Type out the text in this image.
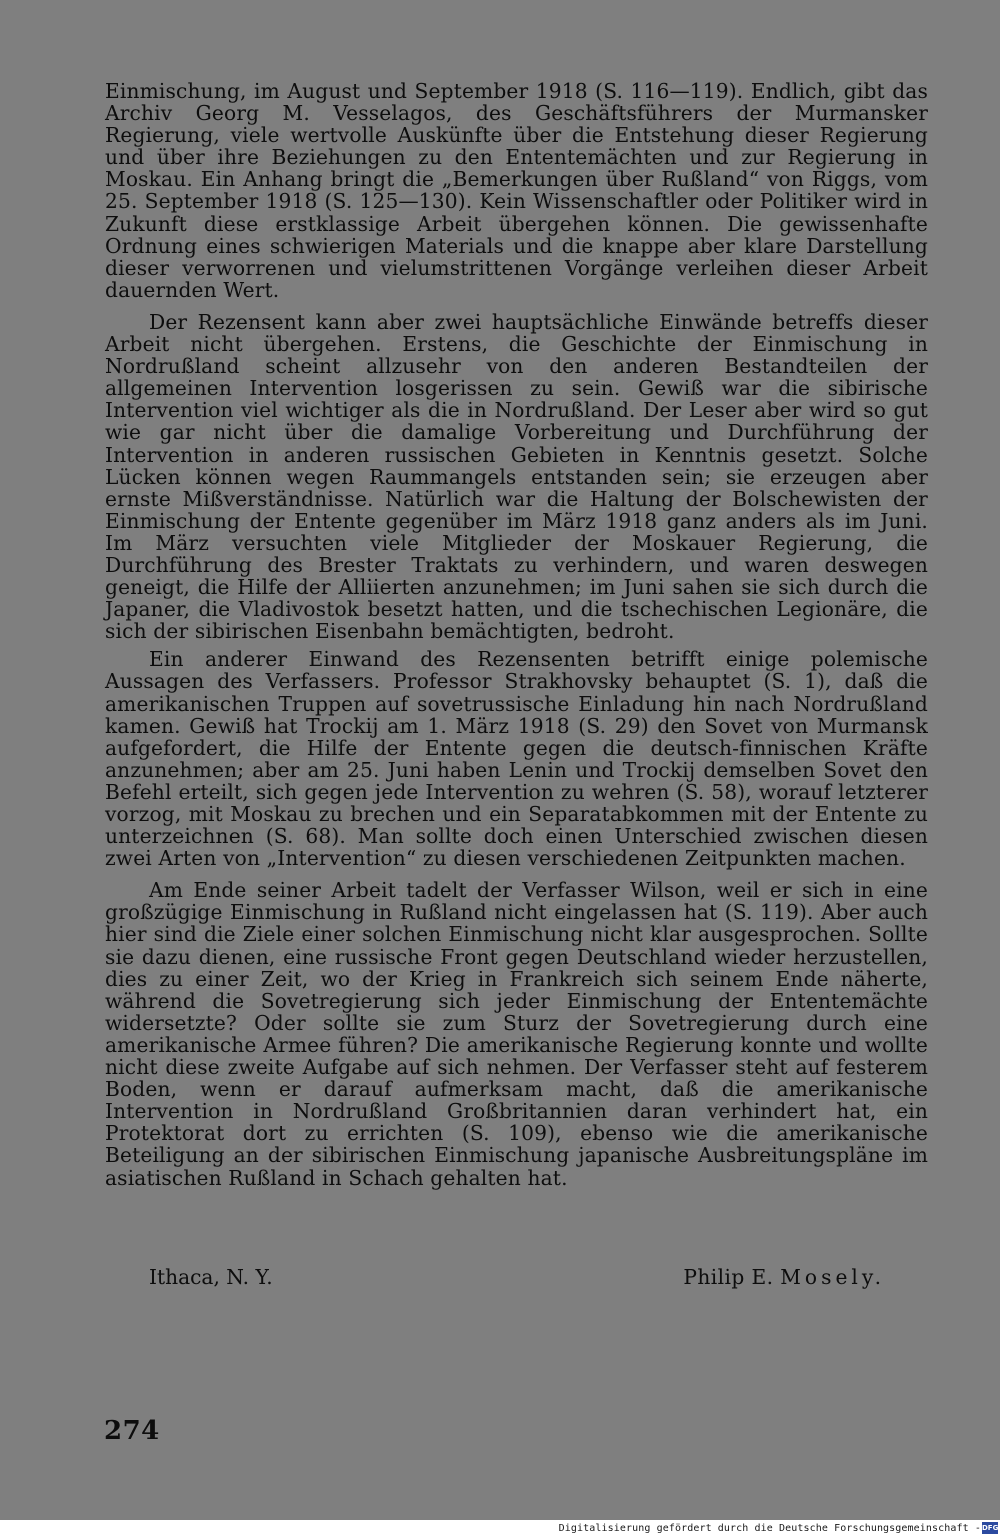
Einmischung, im August und September 1918 (S. 116—119). Endlich, gibt das Archiv Georg M. Vesselagos, des Geschäftsführers der Murmansker Regierung, viele wertvolle Auskünfte über die Entstehung dieser Regierung und über ihre Beziehungen zu den Ententemächten und zur Regierung in Moskau. Ein Anhang bringt die „Bemerkungen über Rußland“ von Riggs, vom 25. September 1918 (S. 125—130). Kein Wissenschaftler oder Politiker wird in Zukunft diese erstklassige Arbeit übergehen können. Die gewissenhafte Ordnung eines schwierigen Materials und die knappe aber klare Darstellung dieser verworrenen und vielumstrittenen Vorgänge verleihen dieser Arbeit dauernden Wert.

Der Rezensent kann aber zwei hauptsächliche Einwände betreffs dieser Arbeit nicht übergehen. Erstens, die Geschichte der Einmischung in Nordrußland scheint allzusehr von den anderen Bestandteilen der allgemeinen Intervention losgerissen zu sein. Gewiß war die sibirische Intervention viel wichtiger als die in Nordrußland. Der Leser aber wird so gut wie gar nicht über die damalige Vorbereitung und Durchführung der Intervention in anderen russischen Gebieten in Kenntnis gesetzt. Solche Lücken können wegen Raummangels entstanden sein; sie erzeugen aber ernste Mißverständnisse. Natürlich war die Haltung der Bolschewisten der Einmischung der Entente gegenüber im März 1918 ganz anders als im Juni. Im März versuchten viele Mitglieder der Moskauer Regierung, die Durchführung des Brester Traktats zu verhindern, und waren deswegen geneigt, die Hilfe der Alliierten anzunehmen; im Juni sahen sie sich durch die Japaner, die Vladivostok besetzt hatten, und die tschechischen Legionäre, die sich der sibirischen Eisenbahn bemächtigten, bedroht.

Ein anderer Einwand des Rezensenten betrifft einige polemische Aussagen des Verfassers. Professor Strakhovsky behauptet (S. 1), daß die amerikanischen Truppen auf sovetrussische Einladung hin nach Nordrußland kamen. Gewiß hat Trockij am 1. März 1918 (S. 29) den Sovet von Murmansk aufgefordert, die Hilfe der Entente gegen die deutsch-finnischen Kräfte anzunehmen; aber am 25. Juni haben Lenin und Trockij demselben Sovet den Befehl erteilt, sich gegen jede Intervention zu wehren (S. 58), worauf letzterer vorzog, mit Moskau zu brechen und ein Separatabkommen mit der Entente zu unterzeichnen (S. 68). Man sollte doch einen Unterschied zwischen diesen zwei Arten von „Intervention“ zu diesen verschiedenen Zeitpunkten machen.

Am Ende seiner Arbeit tadelt der Verfasser Wilson, weil er sich in eine großzügige Einmischung in Rußland nicht eingelassen hat (S. 119). Aber auch hier sind die Ziele einer solchen Einmischung nicht klar ausgesprochen. Sollte sie dazu dienen, eine russische Front gegen Deutschland wieder herzustellen, dies zu einer Zeit, wo der Krieg in Frankreich sich seinem Ende näherte, während die Sovetregierung sich jeder Einmischung der Ententemächte widersetzte? Oder sollte sie zum Sturz der Sovetregierung durch eine amerikanische Armee führen? Die amerikanische Regierung konnte und wollte nicht diese zweite Aufgabe auf sich nehmen. Der Verfasser steht auf festerem Boden, wenn er darauf aufmerksam macht, daß die amerikanische Intervention in Nordrußland Großbritannien daran verhindert hat, ein Protektorat dort zu errichten (S. 109), ebenso wie die amerikanische Beteiligung an der sibirischen Einmischung japanische Ausbreitungspläne im asiatischen Rußland in Schach gehalten hat.

Ithaca, N. Y.	Philip E. Mosely.
274
Digitalisierung gefördert durch die Deutsche Forschungsgemeinschaft - DFG
